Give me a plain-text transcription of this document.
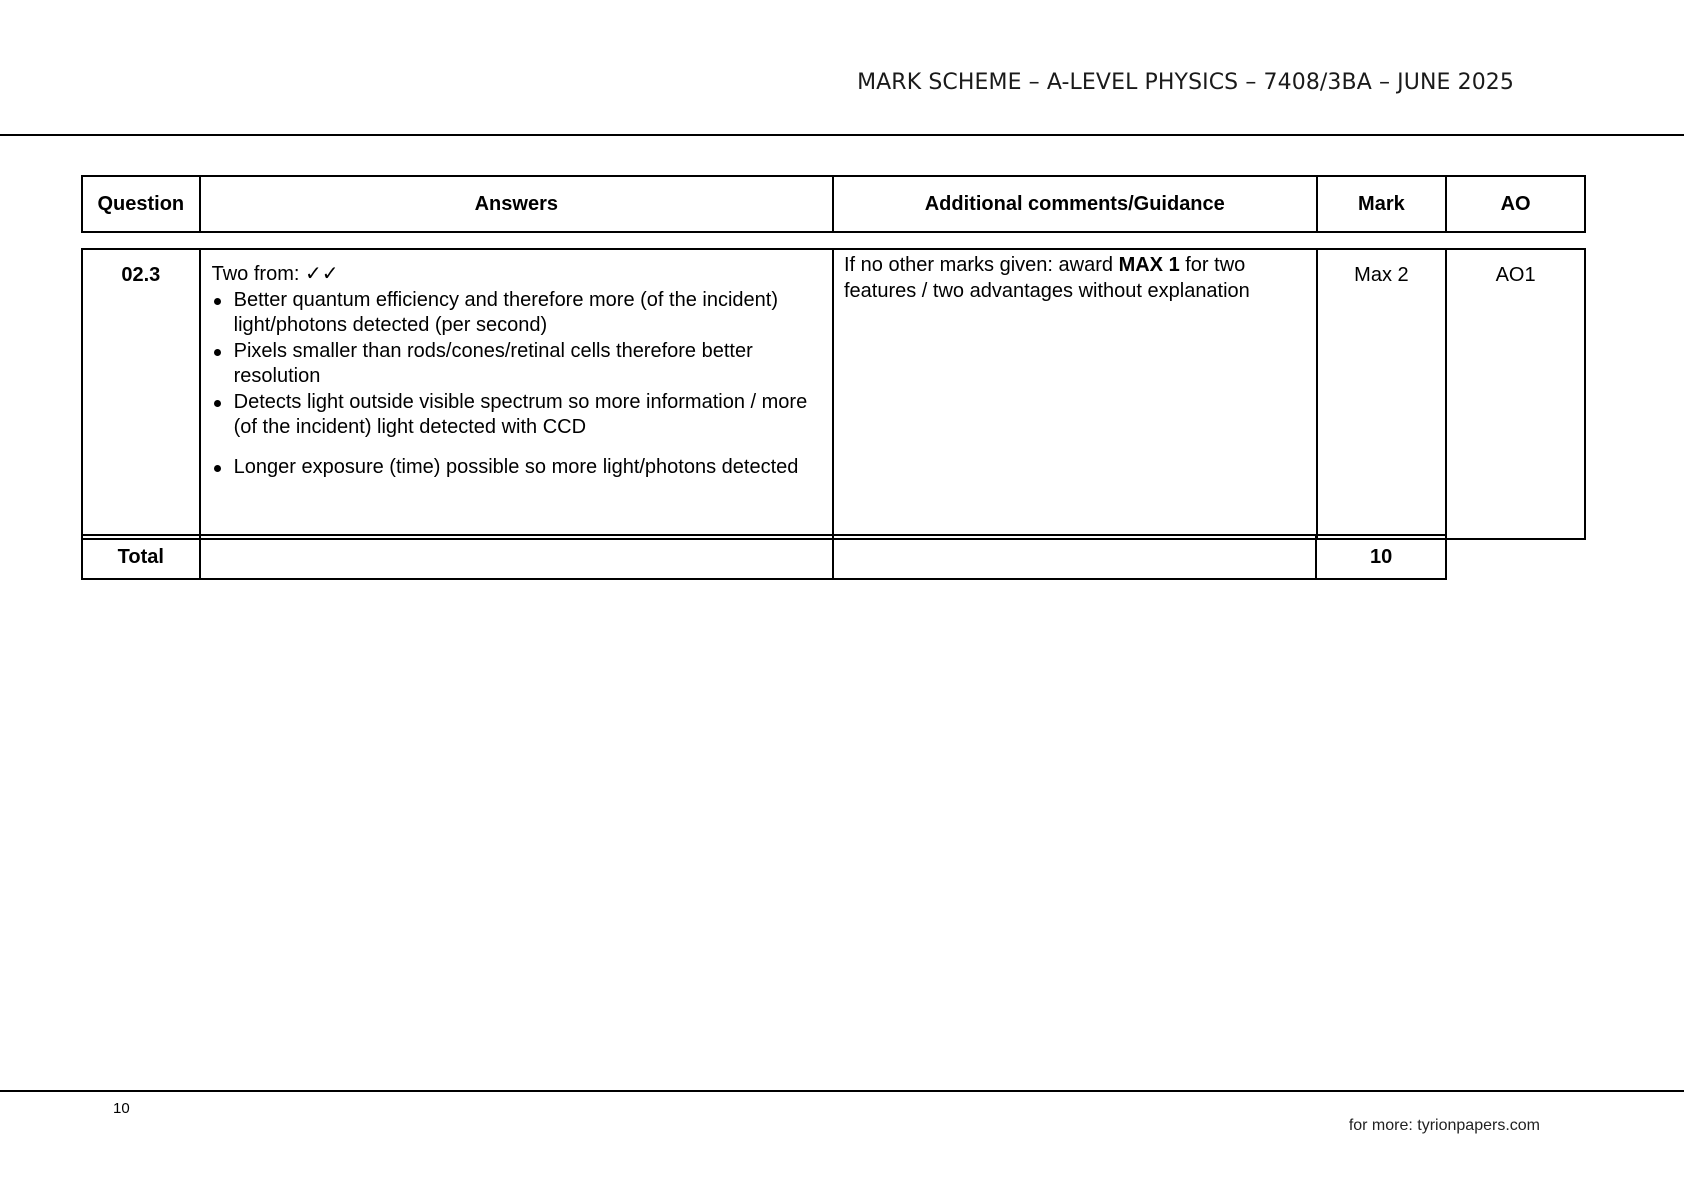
MARK SCHEME – A-LEVEL PHYSICS – 7408/3BA – JUNE 2025
Question	Answers	Additional comments/Guidance	Mark	AO
02.3	Two from: ✓✓
Better quantum efficiency and therefore more (of the incident) light/photons detected (per second)
Pixels smaller than rods/cones/retinal cells therefore better resolution
Detects light outside visible spectrum so more information / more (of the incident) light detected with CCD
Longer exposure (time) possible so more light/photons detected
	If no other marks given: award MAX 1 for two features / two advantages without explanation	Max 2	AO1
Total			10
10
for more: tyrionpapers.com
